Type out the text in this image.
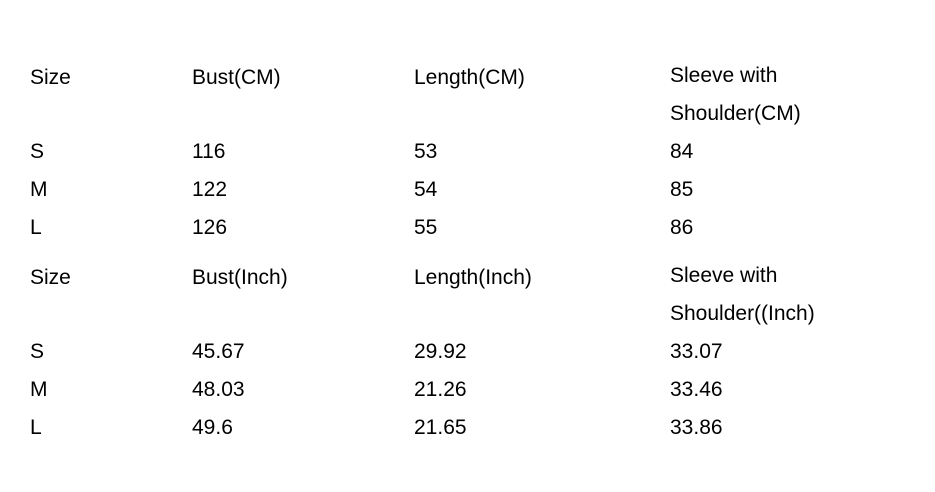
Size	Bust(CM)	Length(CM)	Sleeve with Shoulder(CM)

S	116	53	84
M	122	54	85
L	126	55	86
Size	Bust(Inch)	Length(Inch)	Sleeve with Shoulder((Inch)

S	45.67	29.92	33.07
M	48.03	21.26	33.46
L	49.6	21.65	33.86
